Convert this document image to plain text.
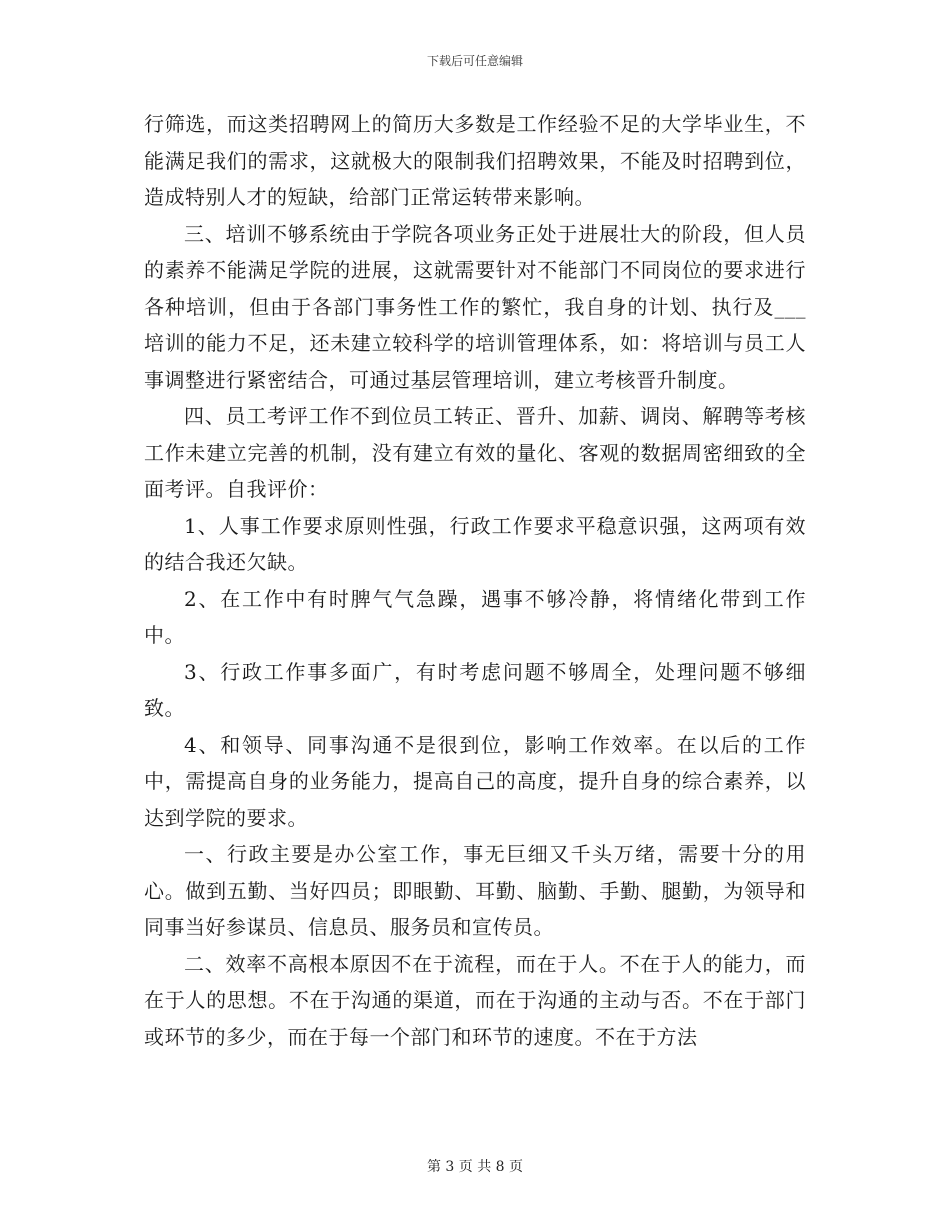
下载后可任意编辑

行筛选，而这类招聘网上的简历大多数是工作经验不足的大学毕业生，不能满足我们的需求，这就极大的限制我们招聘效果，不能及时招聘到位，造成特别人才的短缺，给部门正常运转带来影响。

三、培训不够系统由于学院各项业务正处于进展壮大的阶段，但人员的素养不能满足学院的进展，这就需要针对不能部门不同岗位的要求进行各种培训，但由于各部门事务性工作的繁忙，我自身的计划、执行及___培训的能力不足，还未建立较科学的培训管理体系，如：将培训与员工人事调整进行紧密结合，可通过基层管理培训，建立考核晋升制度。

四、员工考评工作不到位员工转正、晋升、加薪、调岗、解聘等考核工作未建立完善的机制，没有建立有效的量化、客观的数据周密细致的全面考评。自我评价：

1、人事工作要求原则性强，行政工作要求平稳意识强，这两项有效的结合我还欠缺。

2、在工作中有时脾气气急躁，遇事不够冷静，将情绪化带到工作中。

3、行政工作事多面广，有时考虑问题不够周全，处理问题不够细致。

4、和领导、同事沟通不是很到位，影响工作效率。在以后的工作中，需提高自身的业务能力，提高自己的高度，提升自身的综合素养，以达到学院的要求。

一、行政主要是办公室工作，事无巨细又千头万绪，需要十分的用心。做到五勤、当好四员；即眼勤、耳勤、脑勤、手勤、腿勤，为领导和同事当好参谋员、信息员、服务员和宣传员。

二、效率不高根本原因不在于流程，而在于人。不在于人的能力，而在于人的思想。不在于沟通的渠道，而在于沟通的主动与否。不在于部门或环节的多少，而在于每一个部门和环节的速度。不在于方法

第 3 页 共 8 页
